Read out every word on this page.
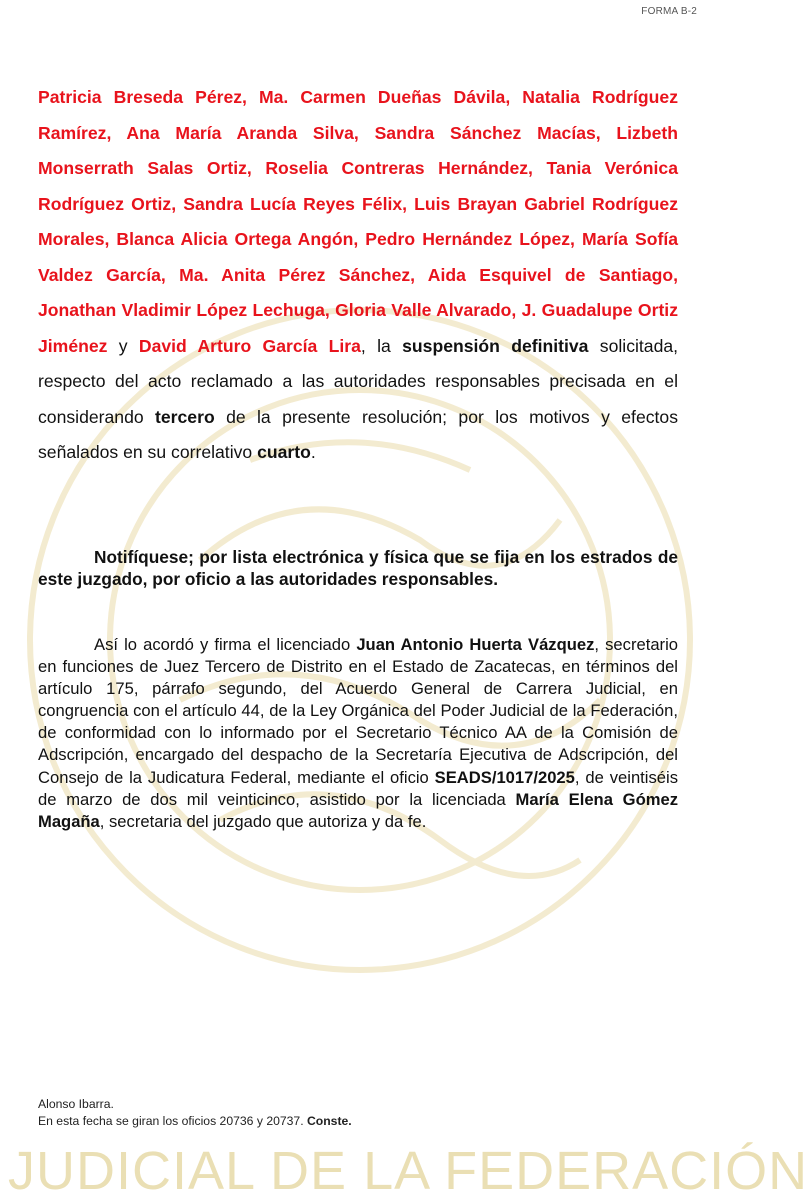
FORMA B-2

Patricia Breseda Pérez, Ma. Carmen Dueñas Dávila, Natalia Rodríguez Ramírez, Ana María Aranda Silva, Sandra Sánchez Macías, Lizbeth Monserrath Salas Ortiz, Roselia Contreras Hernández, Tania Verónica Rodríguez Ortiz, Sandra Lucía Reyes Félix, Luis Brayan Gabriel Rodríguez Morales, Blanca Alicia Ortega Angón, Pedro Hernández López, María Sofía Valdez García, Ma. Anita Pérez Sánchez, Aida Esquivel de Santiago, Jonathan Vladimir López Lechuga, Gloria Valle Alvarado, J. Guadalupe Ortiz Jiménez y David Arturo García Lira, la suspensión definitiva solicitada, respecto del acto reclamado a las autoridades responsables precisada en el considerando tercero de la presente resolución; por los motivos y efectos señalados en su correlativo cuarto.

Notifíquese; por lista electrónica y física que se fija en los estrados de este juzgado, por oficio a las autoridades responsables.

Así lo acordó y firma el licenciado Juan Antonio Huerta Vázquez, secretario en funciones de Juez Tercero de Distrito en el Estado de Zacatecas, en términos del artículo 175, párrafo segundo, del Acuerdo General de Carrera Judicial, en congruencia con el artículo 44, de la Ley Orgánica del Poder Judicial de la Federación, de conformidad con lo informado por el Secretario Técnico AA de la Comisión de Adscripción, encargado del despacho de la Secretaría Ejecutiva de Adscripción, del Consejo de la Judicatura Federal, mediante el oficio SEADS/1017/2025, de veintiséis de marzo de dos mil veinticinco, asistido por la licenciada María Elena Gómez Magaña, secretaria del juzgado que autoriza y da fe.

Alonso Ibarra.
En esta fecha se giran los oficios 20736 y 20737. Conste.
JUDICIAL DE LA FEDERACIÓN
